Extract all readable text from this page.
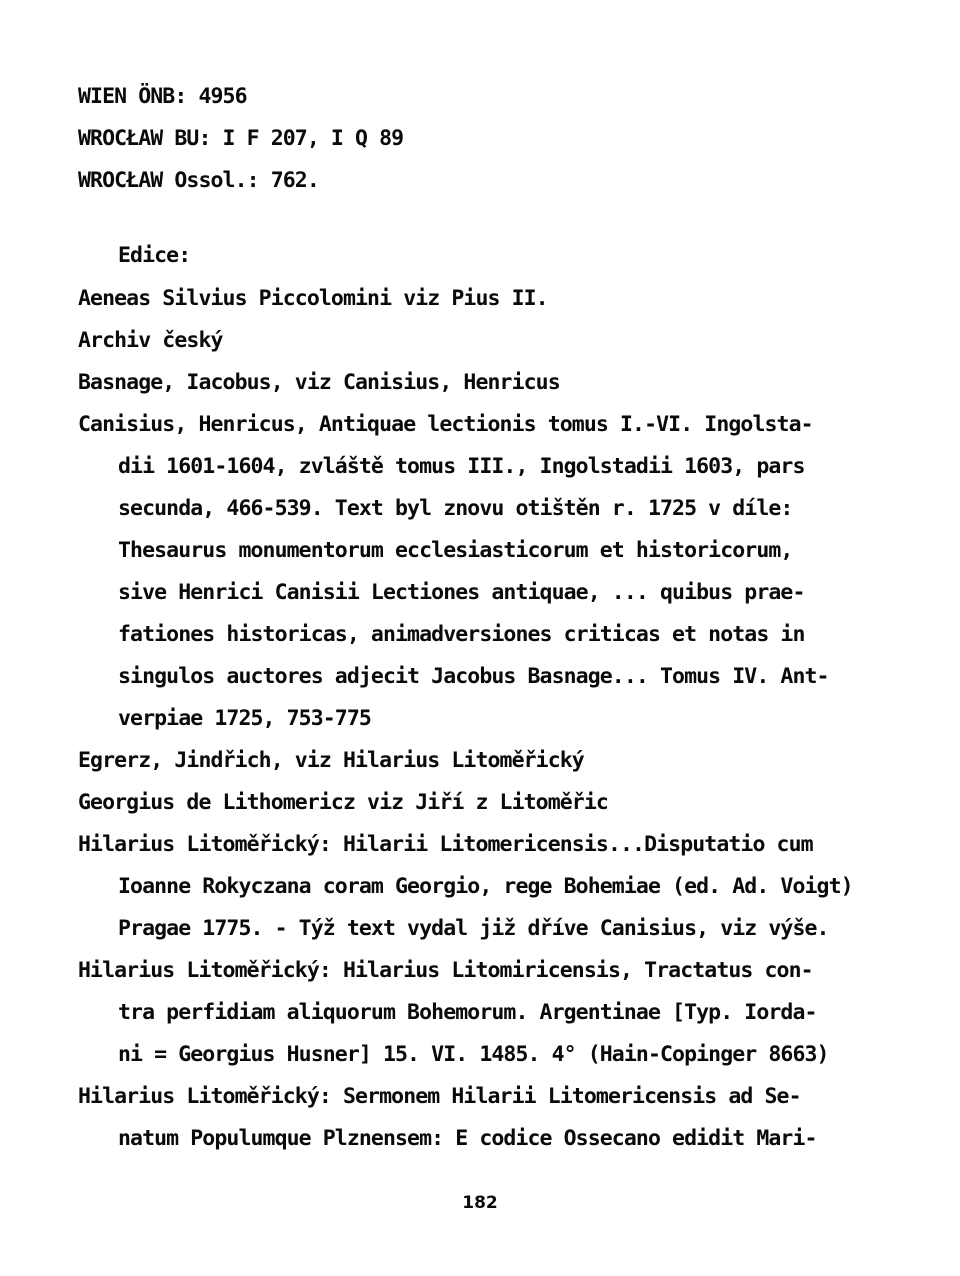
WIEN ÖNB: 4956
WROCŁAW BU: I F 207, I Q 89
WROCŁAW Ossol.: 762.
Edice:
Aeneas Silvius Piccolomini viz Pius II.
Archiv český
Basnage, Iacobus, viz Canisius, Henricus
Canisius, Henricus, Antiquae lectionis tomus I.-VI. Ingolsta-
dii 1601-1604, zvláště tomus III., Ingolstadii 1603, pars
secunda, 466-539. Text byl znovu otištěn r. 1725 v díle:
Thesaurus monumentorum ecclesiasticorum et historicorum,
sive Henrici Canisii Lectiones antiquae, ... quibus prae-
fationes historicas, animadversiones criticas et notas in
singulos auctores adjecit Jacobus Basnage... Tomus IV. Ant-
verpiae 1725, 753-775
Egrerz, Jindřich, viz Hilarius Litoměřický
Georgius de Lithomericz viz Jiří z Litoměřic
Hilarius Litoměřický: Hilarii Litomericensis...Disputatio cum
Ioanne Rokyczana coram Georgio, rege Bohemiae (ed. Ad. Voigt)
Pragae 1775. - Týž text vydal již dříve Canisius, viz výše.
Hilarius Litoměřický: Hilarius Litomiricensis, Tractatus con-
tra perfidiam aliquorum Bohemorum. Argentinae [Typ. Iorda-
ni = Georgius Husner] 15. VI. 1485. 4° (Hain-Copinger 8663)
Hilarius Litoměřický: Sermonem Hilarii Litomericensis ad Se-
natum Populumque Plznensem: E codice Ossecano edidit Mari-
182
